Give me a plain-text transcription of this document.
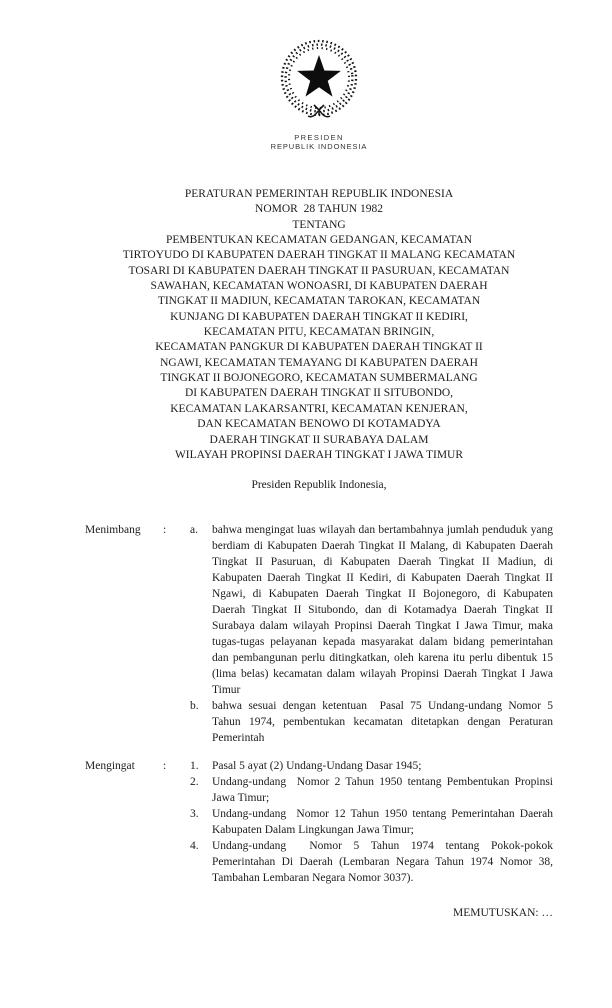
PRESIDEN
REPUBLIK INDONESIA
PERATURAN PEMERINTAH REPUBLIK INDONESIA
NOMOR  28 TAHUN 1982
TENTANG
PEMBENTUKAN KECAMATAN GEDANGAN, KECAMATAN
TIRTOYUDO DI KABUPATEN DAERAH TINGKAT II MALANG KECAMATAN
TOSARI DI KABUPATEN DAERAH TINGKAT II PASURUAN, KECAMATAN
SAWAHAN, KECAMATAN WONOASRI, DI KABUPATEN DAERAH
TINGKAT II MADIUN, KECAMATAN TAROKAN, KECAMATAN
KUNJANG DI KABUPATEN DAERAH TINGKAT II KEDIRI,
KECAMATAN PITU, KECAMATAN BRINGIN,
KECAMATAN PANGKUR DI KABUPATEN DAERAH TINGKAT II
NGAWI, KECAMATAN TEMAYANG DI KABUPATEN DAERAH
TINGKAT II BOJONEGORO, KECAMATAN SUMBERMALANG
DI KABUPATEN DAERAH TINGKAT II SITUBONDO,
KECAMATAN LAKARSANTRI, KECAMATAN KENJERAN,
DAN KECAMATAN BENOWO DI KOTAMADYA
DAERAH TINGKAT II SURABAYA DALAM
WILAYAH PROPINSI DAERAH TINGKAT I JAWA TIMUR
Presiden Republik Indonesia,
Menimbang	:	a.	bahwa mengingat luas wilayah dan bertambahnya jumlah penduduk yang berdiam di Kabupaten Daerah Tingkat II Malang, di Kabupaten Daerah Tingkat II Pasuruan, di Kabupaten Daerah Tingkat II Madiun, di Kabupaten Daerah Tingkat II Kediri, di Kabupaten Daerah Tingkat II Ngawi, di Kabupaten Daerah Tingkat II Bojonegoro, di Kabupaten Daerah Tingkat II Situbondo, dan di Kotamadya Daerah Tingkat II Surabaya dalam wilayah Propinsi Daerah Tingkat I Jawa Timur, maka tugas-tugas pelayanan kepada masyarakat dalam bidang pemerintahan dan pembangunan perlu ditingkatkan, oleh karena itu perlu dibentuk 15 (lima belas) kecamatan dalam wilayah Propinsi Daerah Tingkat I Jawa Timur
b.	bahwa sesuai dengan ketentuan  Pasal 75 Undang-undang Nomor 5 Tahun 1974, pembentukan kecamatan ditetapkan dengan Peraturan Pemerintah
Mengingat	:	1.	Pasal 5 ayat (2) Undang-Undang Dasar 1945;
2.	Undang-undang  Nomor 2 Tahun 1950 tentang Pembentukan Propinsi Jawa Timur;
3.	Undang-undang  Nomor 12 Tahun 1950 tentang Pemerintahan Daerah Kabupaten Dalam Lingkungan Jawa Timur;
4.	Undang-undang  Nomor 5 Tahun 1974 tentang Pokok-pokok Pemerintahan Di Daerah (Lembaran Negara Tahun 1974 Nomor 38, Tambahan Lembaran Negara Nomor 3037).
MEMUTUSKAN: …
